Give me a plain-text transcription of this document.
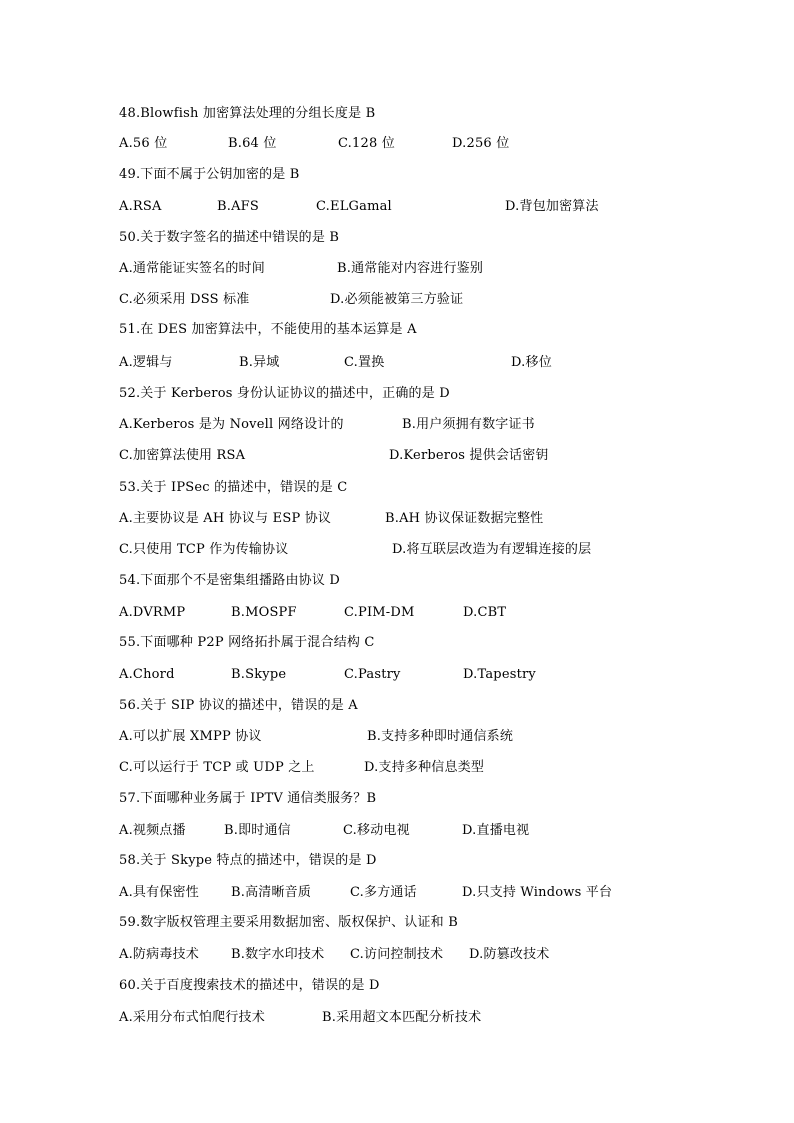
48.Blowfish 加密算法处理的分组长度是 B
A.56 位	B.64 位	C.128 位	D.256 位
49.下面不属于公钥加密的是 B
A.RSA	B.AFS	C.ELGamal	D.背包加密算法
50.关于数字签名的描述中错误的是 B
A.通常能证实签名的时间	B.通常能对内容进行鉴别
C.必须采用 DSS 标准	D.必须能被第三方验证
51.在 DES 加密算法中，不能使用的基本运算是 A
A.逻辑与	B.异域	C.置换	D.移位
52.关于 Kerberos 身份认证协议的描述中，正确的是 D
A.Kerberos 是为 Novell 网络设计的	B.用户须拥有数字证书
C.加密算法使用 RSA	D.Kerberos 提供会话密钥
53.关于 IPSec 的描述中，错误的是 C
A.主要协议是 AH 协议与 ESP 协议	B.AH 协议保证数据完整性
C.只使用 TCP 作为传输协议	D.将互联层改造为有逻辑连接的层
54.下面那个不是密集组播路由协议 D
A.DVRMP	B.MOSPF	C.PIM-DM	D.CBT
55.下面哪种 P2P 网络拓扑属于混合结构 C
A.Chord	B.Skype	C.Pastry	D.Tapestry
56.关于 SIP 协议的描述中，错误的是 A
A.可以扩展 XMPP 协议	B.支持多种即时通信系统
C.可以运行于 TCP 或 UDP 之上	D.支持多种信息类型
57.下面哪种业务属于 IPTV 通信类服务？B
A.视频点播	B.即时通信	C.移动电视	D.直播电视
58.关于 Skype 特点的描述中，错误的是 D
A.具有保密性 B.高清晰音质	C.多方通话	D.只支持 Windows 平台
59.数字版权管理主要采用数据加密、版权保护、认证和 B
A.防病毒技术 B.数字水印技术 C.访问控制技术 D.防篡改技术
60.关于百度搜索技术的描述中，错误的是 D
A.采用分布式怕爬行技术	B.采用超文本匹配分析技术
